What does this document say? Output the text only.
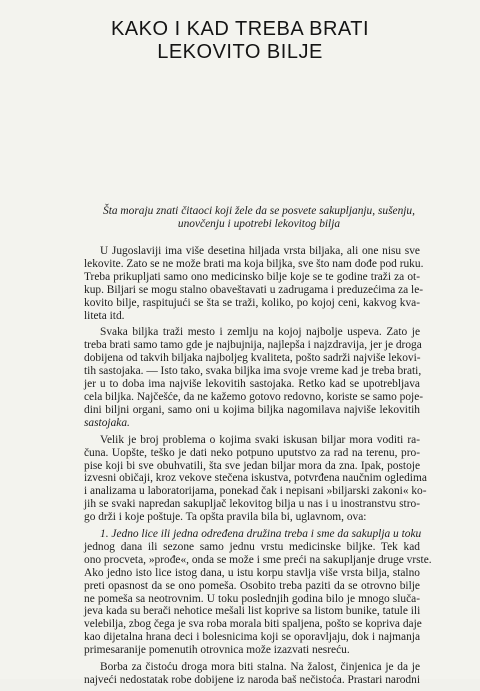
KAKO I KAD TREBA BRATI
LEKOVITO BILJE
Šta moraju znati čitaoci koji žele da se posvete sakupljanju, sušenju,
unovčenju i upotrebi lekovitog bilja
U Jugoslaviji ima više desetina hiljada vrsta biljaka, ali one nisu sve
lekovite. Zato se ne može brati ma koja biljka, sve što nam dođe pod ruku.
Treba prikupljati samo ono medicinsko bilje koje se te godine traži za ot-
kup. Biljari se mogu stalno obaveštavati u zadrugama i preduzećima za le-
kovito bilje, raspitujući se šta se traži, koliko, po kojoj ceni, kakvog kva-
liteta itd.
Svaka biljka traži mesto i zemlju na kojoj najbolje uspeva. Zato je
treba brati samo tamo gde je najbujnija, najlepša i najzdravija, jer je droga
dobijena od takvih biljaka najboljeg kvaliteta, pošto sadrži najviše lekovi-
tih sastojaka. — Isto tako, svaka biljka ima svoje vreme kad je treba brati,
jer u to doba ima najviše lekovitih sastojaka. Retko kad se upotrebljava
cela biljka. Najčešće, da ne kažemo gotovo redovno, koriste se samo poje-
dini biljni organi, samo oni u kojima biljka nagomilava najviše lekovitih
sastojaka.
Velik je broj problema o kojima svaki iskusan biljar mora voditi ra-
čuna. Uopšte, teško je dati neko potpuno uputstvo za rad na terenu, pro-
pise koji bi sve obuhvatili, šta sve jedan biljar mora da zna. Ipak, postoje
izvesni običaji, kroz vekove stečena iskustva, potvrđena naučnim ogledima
i analizama u laboratorijama, ponekad čak i nepisani »biljarski zakoni« ko-
jih se svaki napredan sakupljač lekovitog bilja u nas i u inostranstvu stro-
go drži i koje poštuje. Ta opšta pravila bila bi, uglavnom, ova:
1. Jedno lice ili jedna određena družina treba i sme da sakuplja u toku
jednog dana ili sezone samo jednu vrstu medicinske biljke. Tek kad
ono procveta, »prođe«, onda se može i sme preći na sakupljanje druge vrste.
Ako jedno isto lice istog dana, u istu korpu stavlja više vrsta bilja, stalno
preti opasnost da se ono pomeša. Osobito treba paziti da se otrovno bilje
ne pomeša sa neotrovnim. U toku poslednjih godina bilo je mnogo sluča-
jeva kada su berači nehotice mešali list koprive sa listom bunike, tatule ili
velebilja, zbog čega je sva roba morala biti spaljena, pošto se kopriva daje
kao dijetalna hrana deci i bolesnicima koji se oporavljaju, dok i najmanja
primesaranije pomenutih otrovnica može izazvati nesreću.
Borba za čistoću droga mora biti stalna. Na žalost, činjenica je da je
najveći nedostatak robe dobijene iz naroda baš nečistoća. Prastari narodni
